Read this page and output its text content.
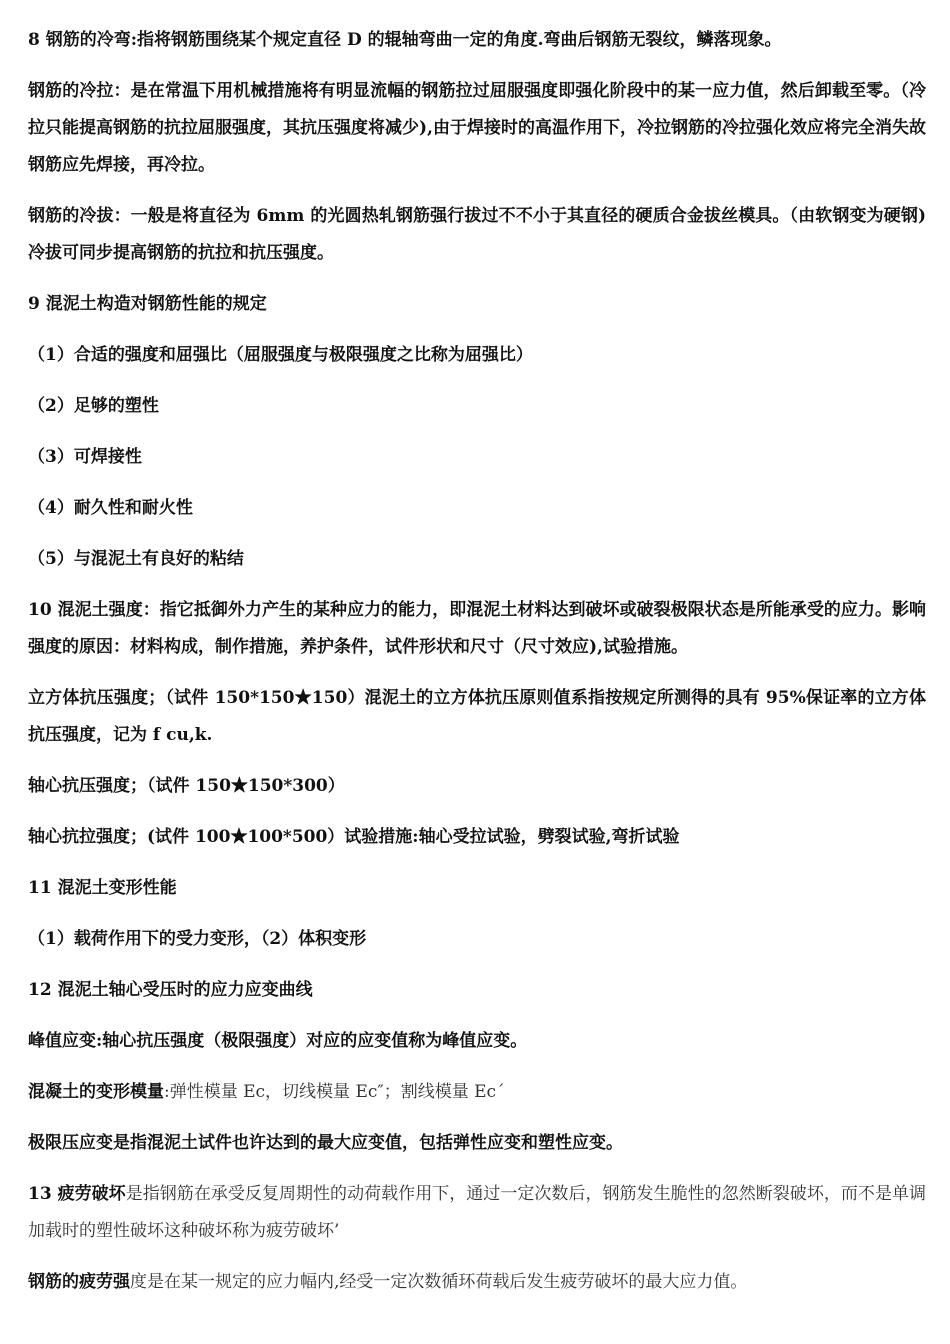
8 钢筋的冷弯:指将钢筋围绕某个规定直径 D 的辊轴弯曲一定的角度.弯曲后钢筋无裂纹，鳞落现象。

钢筋的冷拉：是在常温下用机械措施将有明显流幅的钢筋拉过屈服强度即强化阶段中的某一应力值，然后卸载至零。（冷拉只能提高钢筋的抗拉屈服强度，其抗压强度将减少),由于焊接时的高温作用下，冷拉钢筋的冷拉强化效应将完全消失故钢筋应先焊接，再冷拉。

钢筋的冷拔：一般是将直径为 6mm 的光圆热轧钢筋强行拔过不不小于其直径的硬质合金拔丝模具。（由软钢变为硬钢)冷拔可同步提高钢筋的抗拉和抗压强度。

9 混泥土构造对钢筋性能的规定

（1）合适的强度和屈强比（屈服强度与极限强度之比称为屈强比）

（2）足够的塑性

（3）可焊接性

（4）耐久性和耐火性

（5）与混泥土有良好的粘结

10 混泥土强度：指它抵御外力产生的某种应力的能力，即混泥土材料达到破坏或破裂极限状态是所能承受的应力。影响强度的原因：材料构成，制作措施，养护条件，试件形状和尺寸（尺寸效应),试验措施。

立方体抗压强度；（试件 150*150★150）混泥土的立方体抗压原则值系指按规定所测得的具有 95%保证率的立方体抗压强度，记为 f cu,k.

轴心抗压强度；（试件 150★150*300）

轴心抗拉强度；(试件 100★100*500）试验措施:轴心受拉试验，劈裂试验,弯折试验

11 混泥土变形性能

（1）载荷作用下的受力变形，（2）体积变形

12 混泥土轴心受压时的应力应变曲线

峰值应变:轴心抗压强度（极限强度）对应的应变值称为峰值应变。

混凝土的变形模量:弹性模量 Ec，切线模量 Ec″；割线模量 Ec´

极限压应变是指混泥土试件也许达到的最大应变值，包括弹性应变和塑性应变。

13 疲劳破坏是指钢筋在承受反复周期性的动荷载作用下，通过一定次数后，钢筋发生脆性的忽然断裂破坏，而不是单调加载时的塑性破坏这种破坏称为疲劳破坏’

钢筋的疲劳强度是在某一规定的应力幅内,经受一定次数循环荷载后发生疲劳破坏的最大应力值。
